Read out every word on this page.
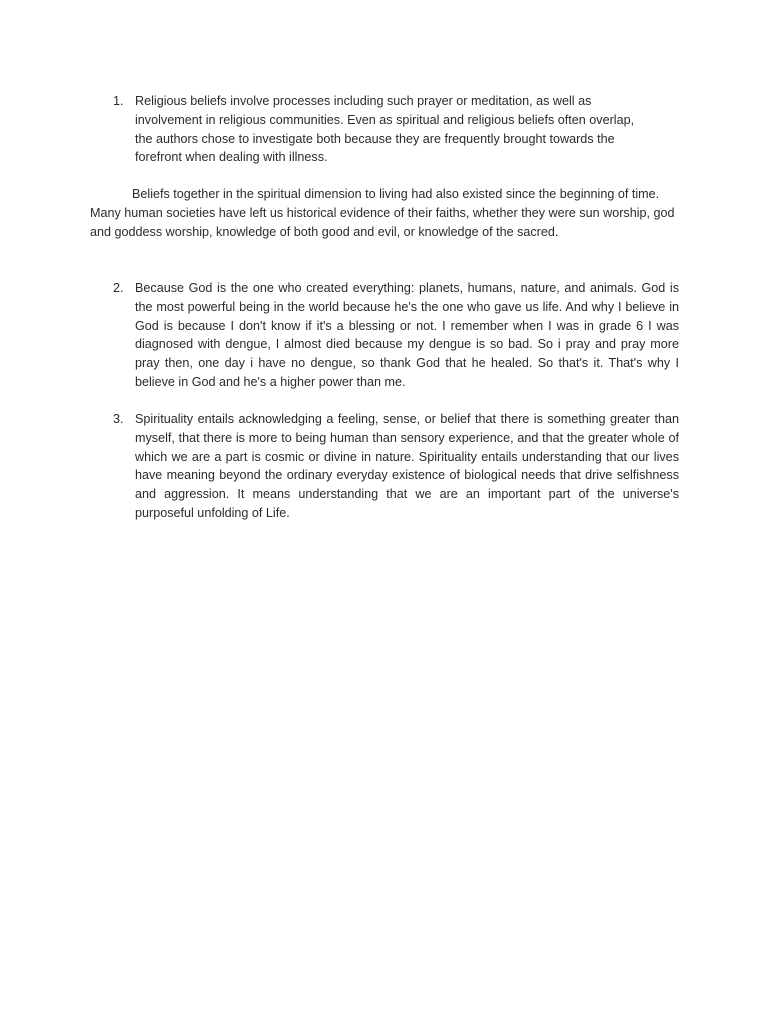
1. Religious beliefs involve processes including such prayer or meditation, as well as involvement in religious communities. Even as spiritual and religious beliefs often overlap, the authors chose to investigate both because they are frequently brought towards the forefront when dealing with illness.
Beliefs together in the spiritual dimension to living had also existed since the beginning of time. Many human societies have left us historical evidence of their faiths, whether they were sun worship, god and goddess worship, knowledge of both good and evil, or knowledge of the sacred.
2. Because God is the one who created everything: planets, humans, nature, and animals. God is the most powerful being in the world because he's the one who gave us life. And why I believe in God is because I don't know if it's a blessing or not. I remember when I was in grade 6 I was diagnosed with dengue, I almost died because my dengue is so bad. So i pray and pray more pray then, one day i have no dengue, so thank God that he healed. So that's it. That's why I believe in God and he's a higher power than me.
3. Spirituality entails acknowledging a feeling, sense, or belief that there is something greater than myself, that there is more to being human than sensory experience, and that the greater whole of which we are a part is cosmic or divine in nature. Spirituality entails understanding that our lives have meaning beyond the ordinary everyday existence of biological needs that drive selfishness and aggression. It means understanding that we are an important part of the universe's purposeful unfolding of Life.
